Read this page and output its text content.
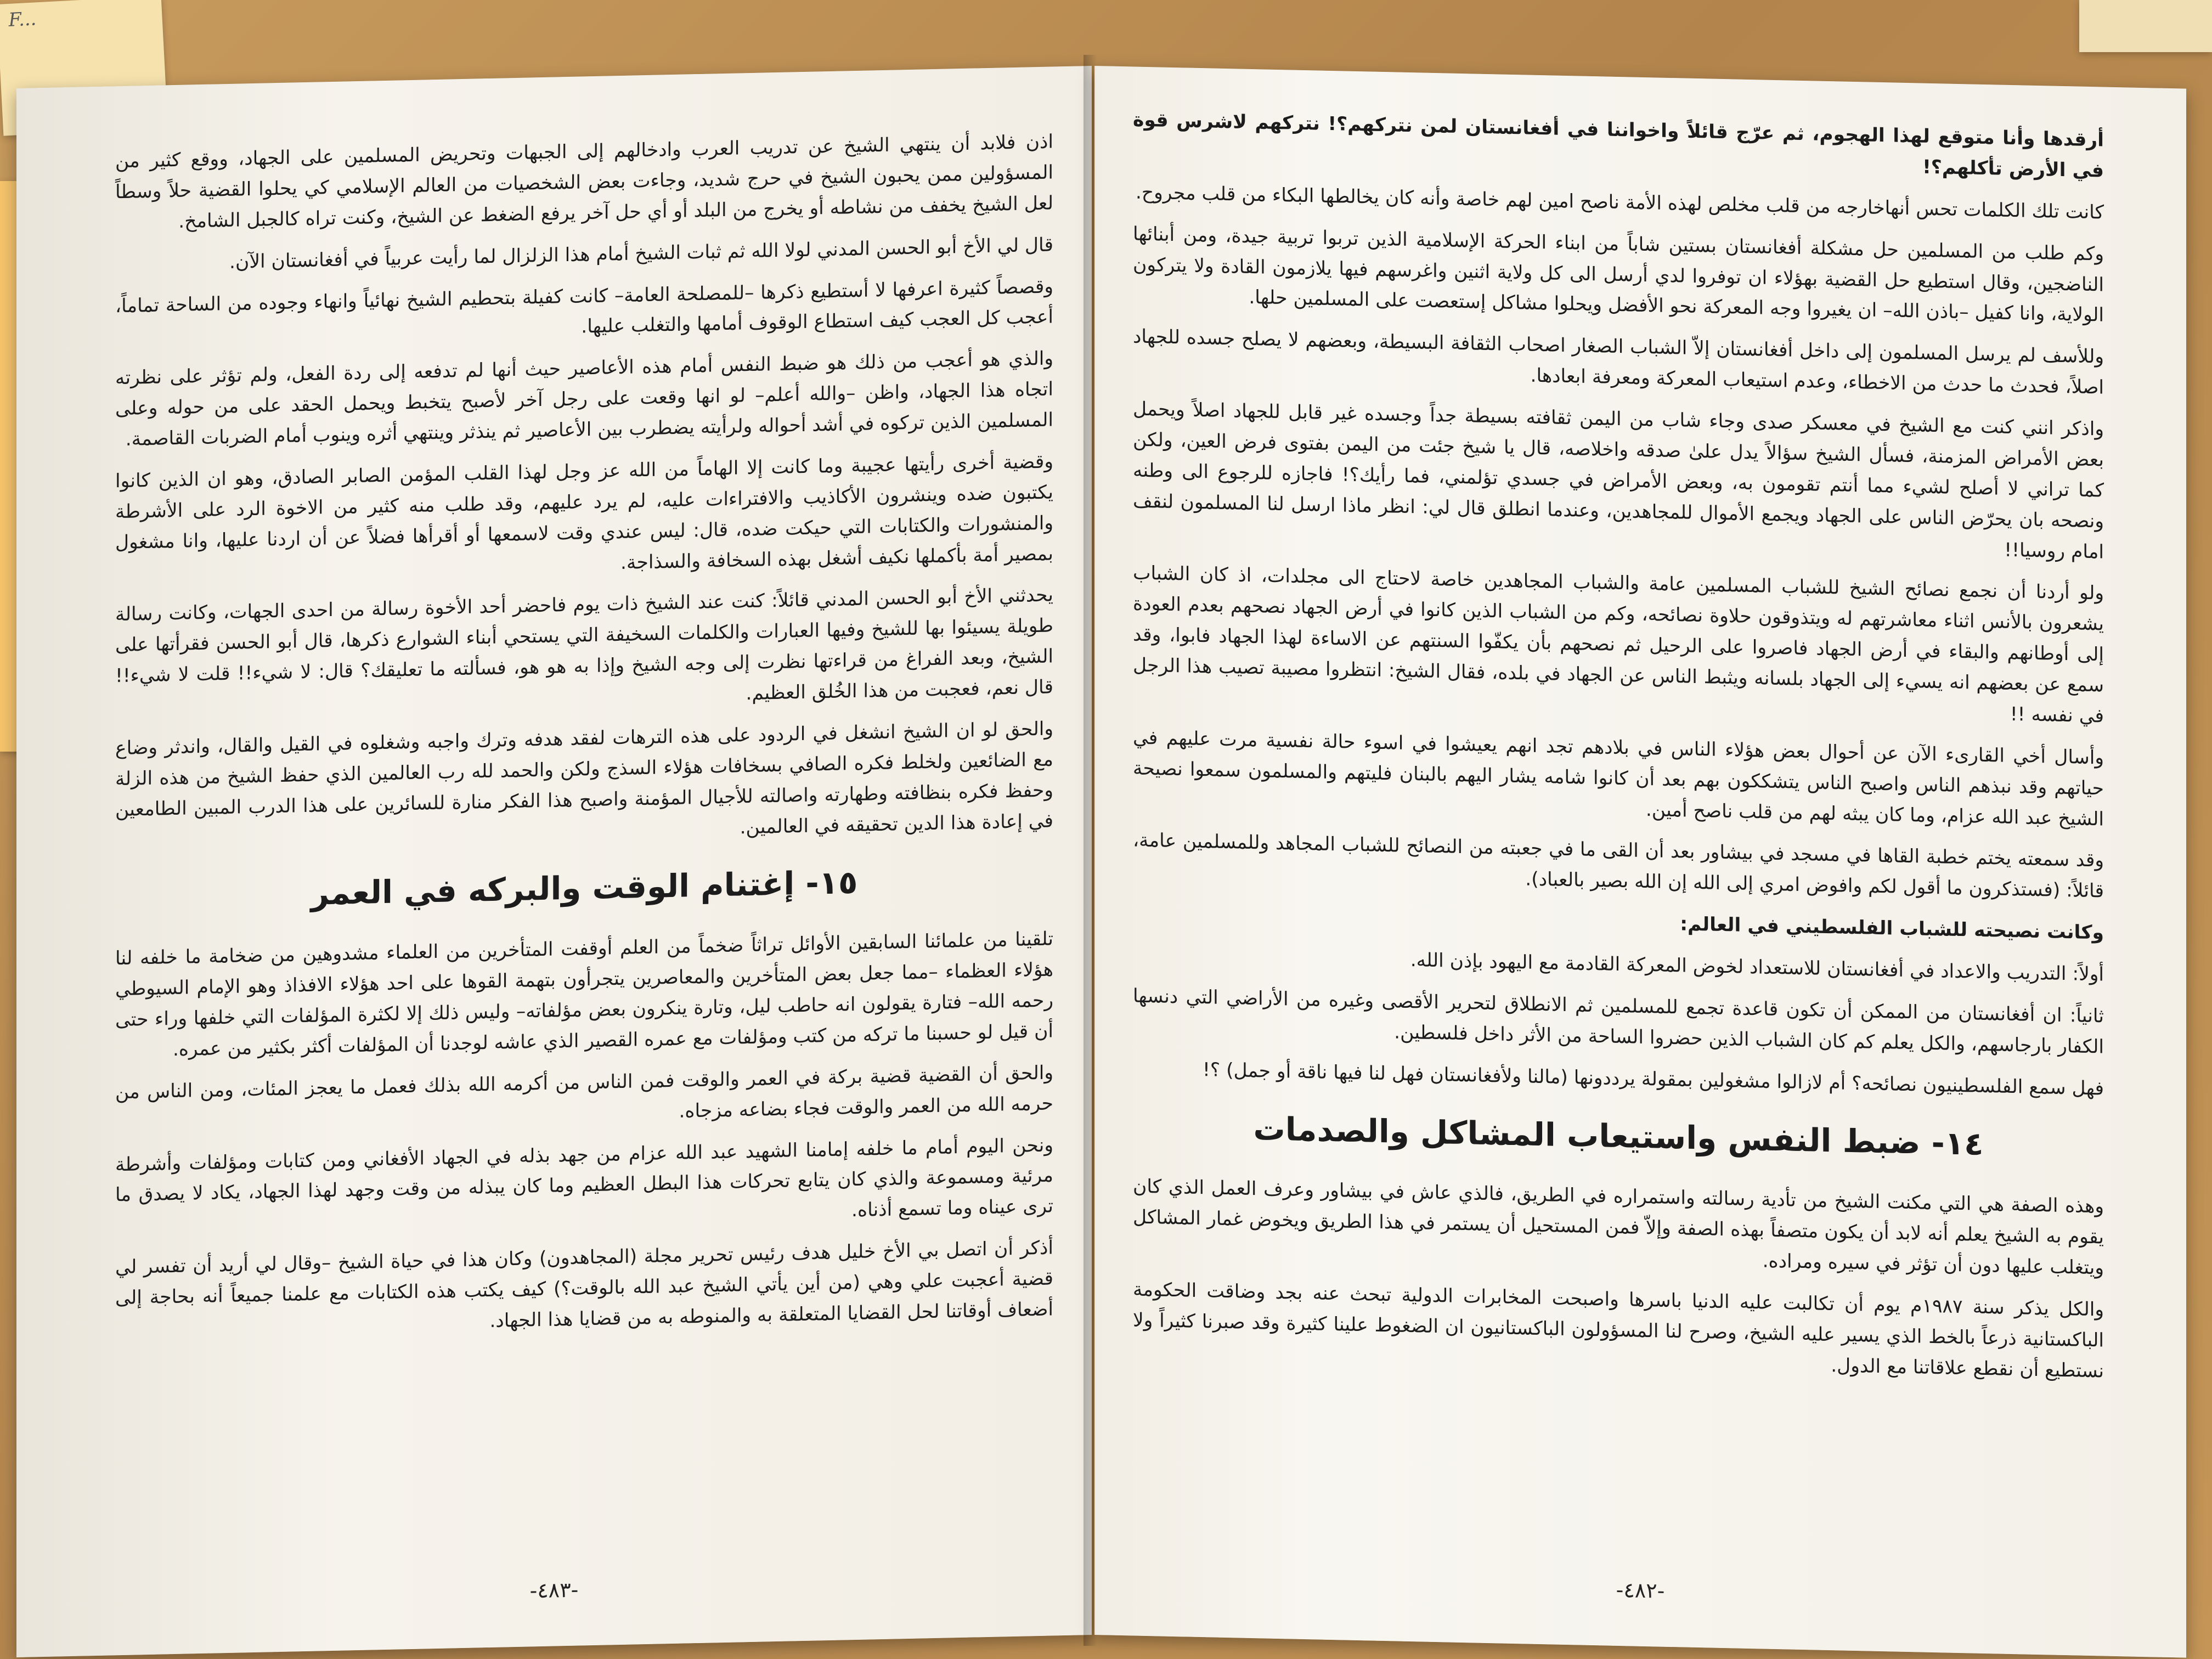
F...

اذن فلابد أن ينتهي الشيخ عن تدريب العرب وادخالهم إلى الجبهات وتحريض المسلمين على الجهاد، ووقع كثير من المسؤولين ممن يحبون الشيخ في حرج شديد، وجاءت بعض الشخصيات من العالم الإسلامي كي يحلوا القضية حلاً وسطاً لعل الشيخ يخفف من نشاطه أو يخرج من البلد أو أي حل آخر يرفع الضغط عن الشيخ، وكنت تراه كالجبل الشامخ.

قال لي الأخ أبو الحسن المدني لولا الله ثم ثبات الشيخ أمام هذا الزلزال لما رأيت عربياً في أفغانستان الآن.

وقصصاً كثيرة اعرفها لا أستطيع ذكرها –للمصلحة العامة– كانت كفيلة بتحطيم الشيخ نهائياً وانهاء وجوده من الساحة تماماً، أعجب كل العجب كيف استطاع الوقوف أمامها والتغلب عليها.

والذي هو أعجب من ذلك هو ضبط النفس أمام هذه الأعاصير حيث أنها لم تدفعه إلى ردة الفعل، ولم تؤثر على نظرته اتجاه هذا الجهاد، واظن –والله أعلم– لو انها وقعت على رجل آخر لأصبح يتخبط ويحمل الحقد على من حوله وعلى المسلمين الذين تركوه في أشد أحواله ولرأيته يضطرب بين الأعاصير ثم ينذثر وينتهي أثره وينوب أمام الضربات القاصمة.

وقضية أخرى رأيتها عجيبة وما كانت إلا الهاماً من الله عز وجل لهذا القلب المؤمن الصابر الصادق، وهو ان الذين كانوا يكتبون ضده وينشرون الأكاذيب والافتراءات عليه، لم يرد عليهم، وقد طلب منه كثير من الاخوة الرد على الأشرطة والمنشورات والكتابات التي حيكت ضده، قال: ليس عندي وقت لاسمعها أو أقرأها فضلاً عن أن اردنا عليها، وانا مشغول بمصير أمة بأكملها نكيف أشغل بهذه السخافة والسذاجة.

يحدثني الأخ أبو الحسن المدني قائلاً: كنت عند الشيخ ذات يوم فاحضر أحد الأخوة رسالة من احدى الجهات، وكانت رسالة طويلة يسيئوا بها للشيخ وفيها العبارات والكلمات السخيفة التي يستحي أبناء الشوارع ذكرها، قال أبو الحسن فقرأتها على الشيخ، وبعد الفراغ من قراءتها نظرت إلى وجه الشيخ وإذا به هو هو، فسألته ما تعليقك؟ قال: لا شيء!! قلت لا شيء!! قال نعم، فعجبت من هذا الخُلق العظيم.

والحق لو ان الشيخ انشغل في الردود على هذه الترهات لفقد هدفه وترك واجبه وشغلوه في القيل والقال، واندثر وضاع مع الضائعين ولخلط فكره الصافي بسخافات هؤلاء السذج ولكن والحمد لله رب العالمين الذي حفظ الشيخ من هذه الزلة وحفظ فكره بنظافته وطهارته واصالته للأجيال المؤمنة واصبح هذا الفكر منارة للسائرين على هذا الدرب المبين الطامعين في إعادة هذا الدين تحقيقه في العالمين.

١٥- إغتنام الوقت والبركه في العمر

تلقينا من علمائنا السابقين الأوائل تراثاً ضخماً من العلم أوقفت المتأخرين من العلماء مشدوهين من ضخامة ما خلفه لنا هؤلاء العظماء –مما جعل بعض المتأخرين والمعاصرين يتجرأون بتهمة القوها على احد هؤلاء الافذاذ وهو الإمام السيوطي رحمه الله– فتارة يقولون انه حاطب ليل، وتارة ينكرون بعض مؤلفاته– وليس ذلك إلا لكثرة المؤلفات التي خلفها وراء حتى أن قيل لو حسبنا ما تركه من كتب ومؤلفات مع عمره القصير الذي عاشه لوجدنا أن المؤلفات أكثر بكثير من عمره.

والحق أن القضية قضية بركة في العمر والوقت فمن الناس من أكرمه الله بذلك فعمل ما يعجز المئات، ومن الناس من حرمه الله من العمر والوقت فجاء بضاعه مزجاه.

ونحن اليوم أمام ما خلفه إمامنا الشهيد عبد الله عزام من جهد بذله في الجهاد الأفغاني ومن كتابات ومؤلفات وأشرطة مرئية ومسموعة والذي كان يتابع تحركات هذا البطل العظيم وما كان يبذله من وقت وجهد لهذا الجهاد، يكاد لا يصدق ما ترى عيناه وما تسمع أذناه.

أذكر أن اتصل بي الأخ خليل هدف رئيس تحرير مجلة (المجاهدون) وكان هذا في حياة الشيخ –وقال لي أريد أن تفسر لي قضية أعجبت علي وهي (من أين يأتي الشيخ عبد الله بالوقت؟) كيف يكتب هذه الكتابات مع علمنا جميعاً أنه بحاجة إلى أضعاف أوقاتنا لحل القضايا المتعلقة به والمنوطه به من قضايا هذا الجهاد.

-٤٨٣-

أرقدها وأنا متوقع لهذا الهجوم، ثم عرّج قائلاً واخواننا في أفغانستان لمن نتركهم؟! نتركهم لاشرس قوة في الأرض تأكلهم؟!

كانت تلك الكلمات تحس أنهاخارجه من قلب مخلص لهذه الأمة ناصح امين لهم خاصة وأنه كان يخالطها البكاء من قلب مجروح.

وكم طلب من المسلمين حل مشكلة أفغانستان بستين شاباً من ابناء الحركة الإسلامية الذين تربوا تربية جيدة، ومن أبنائها الناضجين، وقال استطيع حل القضية بهؤلاء ان توفروا لدي أرسل الى كل ولاية اثنين واغرسهم فيها يلازمون القادة ولا يتركون الولاية، وانا كفيل –باذن الله– ان يغيروا وجه المعركة نحو الأفضل ويحلوا مشاكل إستعصت على المسلمين حلها.

وللأسف لم يرسل المسلمون إلى داخل أفغانستان إلاّ الشباب الصغار اصحاب الثقافة البسيطة، وبعضهم لا يصلح جسده للجهاد اصلاً، فحدث ما حدث من الاخطاء، وعدم استيعاب المعركة ومعرفة ابعادها.

واذكر انني كنت مع الشيخ في معسكر صدى وجاء شاب من اليمن ثقافته بسيطة جداً وجسده غير قابل للجهاد اصلاً ويحمل بعض الأمراض المزمنة، فسأل الشيخ سؤالاً يدل علىٰ صدقه واخلاصه، قال يا شيخ جئت من اليمن بفتوى فرض العين، ولكن كما تراني لا أصلح لشيء مما أنتم تقومون به، وبعض الأمراض في جسدي تؤلمني، فما رأيك؟! فاجازه للرجوع الى وطنه ونصحه بان يحرّض الناس على الجهاد ويجمع الأموال للمجاهدين، وعندما انطلق قال لي: انظر ماذا ارسل لنا المسلمون لنقف امام روسيا!!

ولو أردنا أن نجمع نصائح الشيخ للشباب المسلمين عامة والشباب المجاهدين خاصة لاحتاج الى مجلدات، اذ كان الشباب يشعرون بالأنس اثناء معاشرتهم له ويتذوقون حلاوة نصائحه، وكم من الشباب الذين كانوا في أرض الجهاد نصحهم بعدم العودة إلى أوطانهم والبقاء في أرض الجهاد فاصروا على الرحيل ثم نصحهم بأن يكفّوا السنتهم عن الاساءة لهذا الجهاد فابوا، وقد سمع عن بعضهم انه يسيء إلى الجهاد بلسانه ويثبط الناس عن الجهاد في بلده، فقال الشيخ: انتظروا مصيبة تصيب هذا الرجل في نفسه !!

وأسال أخي القارىء الآن عن أحوال بعض هؤلاء الناس في بلادهم تجد انهم يعيشوا في اسوء حالة نفسية مرت عليهم في حياتهم وقد نبذهم الناس واصبح الناس يتشككون بهم بعد أن كانوا شامه يشار اليهم بالبنان فليتهم والمسلمون سمعوا نصيحة الشيخ عبد الله عزام، وما كان يبثه لهم من قلب ناصح أمين.

وقد سمعته يختم خطبة القاها في مسجد في بيشاور بعد أن القى ما في جعبته من النصائح للشباب المجاهد وللمسلمين عامة، قائلاً: (فستذكرون ما أقول لكم وافوض امري إلى الله إن الله بصير بالعباد).

وكانت نصيحته للشباب الفلسطيني في العالم:

أولاً: التدريب والاعداد في أفغانستان للاستعداد لخوض المعركة القادمة مع اليهود بإذن الله.

ثانياً: ان أفغانستان من الممكن أن تكون قاعدة تجمع للمسلمين ثم الانطلاق لتحرير الأقصى وغيره من الأراضي التي دنسها الكفار بارجاسهم، والكل يعلم كم كان الشباب الذين حضروا الساحة من الأثر داخل فلسطين.

فهل سمع الفلسطينيون نصائحه؟ أم لازالوا مشغولين بمقولة يرددونها (مالنا ولأفغانستان فهل لنا فيها ناقة أو جمل) ؟!

١٤- ضبط النفس واستيعاب المشاكل والصدمات

وهذه الصفة هي التي مكنت الشيخ من تأدية رسالته واستمراره في الطريق، فالذي عاش في بيشاور وعرف العمل الذي كان يقوم به الشيخ يعلم أنه لابد أن يكون متصفاً بهذه الصفة وإلاّ فمن المستحيل أن يستمر في هذا الطريق ويخوض غمار المشاكل ويتغلب عليها دون أن تؤثر في سيره ومراده.

والكل يذكر سنة ١٩٨٧م يوم أن تكالبت عليه الدنيا باسرها واصبحت المخابرات الدولية تبحث عنه بجد وضاقت الحكومة الباكستانية ذرعاً بالخط الذي يسير عليه الشيخ، وصرح لنا المسؤولون الباكستانيون ان الضغوط علينا كثيرة وقد صبرنا كثيراً ولا نستطيع أن نقطع علاقاتنا مع الدول.

-٤٨٢-
